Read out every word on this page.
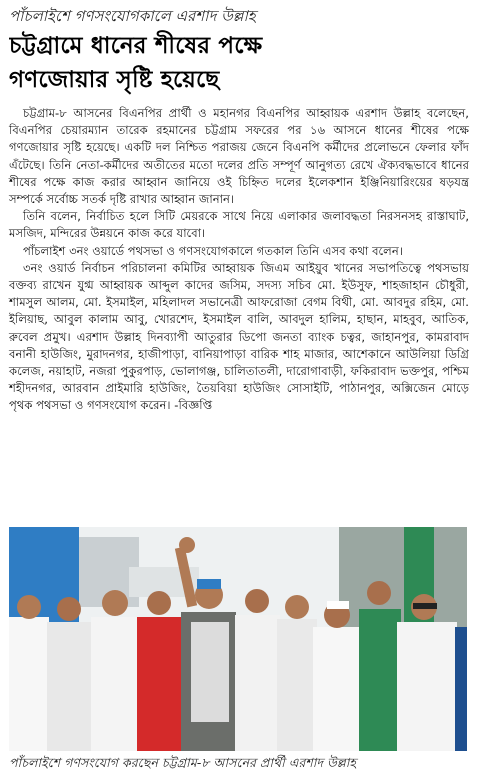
পাঁচলাইশে গণসংযোগকালে এরশাদ উল্লাহ
চট্টগ্রামে ধানের শীষের পক্ষে
গণজোয়ার সৃষ্টি হয়েছে

চট্টগ্রাম-৮ আসনের বিএনপির প্রার্থী ও মহানগর বিএনপির আহ্বায়ক এরশাদ উল্লাহ বলেছেন, বিএনপির চেয়ারম্যান তারেক রহমানের চট্টগ্রাম সফরের পর ১৬ আসনে ধানের শীষের পক্ষে গণজোয়ার সৃষ্টি হয়েছে। একটি দল নিশ্চিত পরাজয় জেনে বিএনপি কর্মীদের প্রলোভনে ফেলার ফাঁদ এঁটেছে। তিনি নেতা-কর্মীদের অতীতের মতো দলের প্রতি সম্পূর্ণ আনুগত্য রেখে ঐক্যবদ্ধভাবে ধানের শীষের পক্ষে কাজ করার আহ্বান জানিয়ে ওই চিহ্নিত দলের ইলেকশান ইঞ্জিনিয়ারিংয়ের ষড়যন্ত্র সম্পর্কে সর্বোচ্চ সতর্ক দৃষ্টি রাখার আহ্বান জানান।

তিনি বলেন, নির্বাচিত হলে সিটি মেয়রকে সাথে নিয়ে এলাকার জলাবদ্ধতা নিরসনসহ রাস্তাঘাট, মসজিদ, মন্দিরের উন্নয়নে কাজ করে যাবো।

পাঁচলাইশ ৩নং ওয়ার্ডে পথসভা ও গণসংযোগকালে গতকাল তিনি এসব কথা বলেন।

৩নং ওয়ার্ড নির্বাচন পরিচালনা কমিটির আহ্বায়ক জিএম আইয়ুব খানের সভাপতিত্বে পথসভায় বক্তব্য রাখেন যুগ্ম আহ্বায়ক আব্দুল কাদের জসিম, সদস্য সচিব মো. ইউসুফ, শাহজাহান চৌধুরী, শামসুল আলম, মো. ইসমাইল, মহিলাদল সভানেত্রী আফরোজা বেগম বিথী, মো. আবদুর রহিম, মো. ইলিয়াছ, আবুল কালাম আবু, খোরশেদ, ইসমাইল বালি, আবদুল হালিম, হাছান, মাহবুব, আতিক, রুবেল প্রমুখ। এরশাদ উল্লাহ দিনব্যাপী আতুরার ডিপো জনতা ব্যাংক চত্বর, জাহানপুর, কামরাবাদ বনানী হাউজিং, মুরাদনগর, হাজীপাড়া, বানিয়াপাড়া বারিক শাহ মাজার, আশেকানে আউলিয়া ডিগ্রি কলেজ, নয়াহাট, নজরা পুকুরপাড়, ভোলাগঞ্জ, চালিতাতলী, দারোগাবাড়ী, ফকিরাবাদ ভক্তপুর, পশ্চিম শহীদনগর, আরবান প্রাইমারি হাউজিং, তৈয়বিয়া হাউজিং সোসাইটি, পাঠানপুর, অক্সিজেন মোড়ে পৃথক পথসভা ও গণসংযোগ করেন। -বিজ্ঞপ্তি

পাঁচলাইশে গণসংযোগ করছেন চট্টগ্রাম-৮ আসনের প্রার্থী এরশাদ উল্লাহ
